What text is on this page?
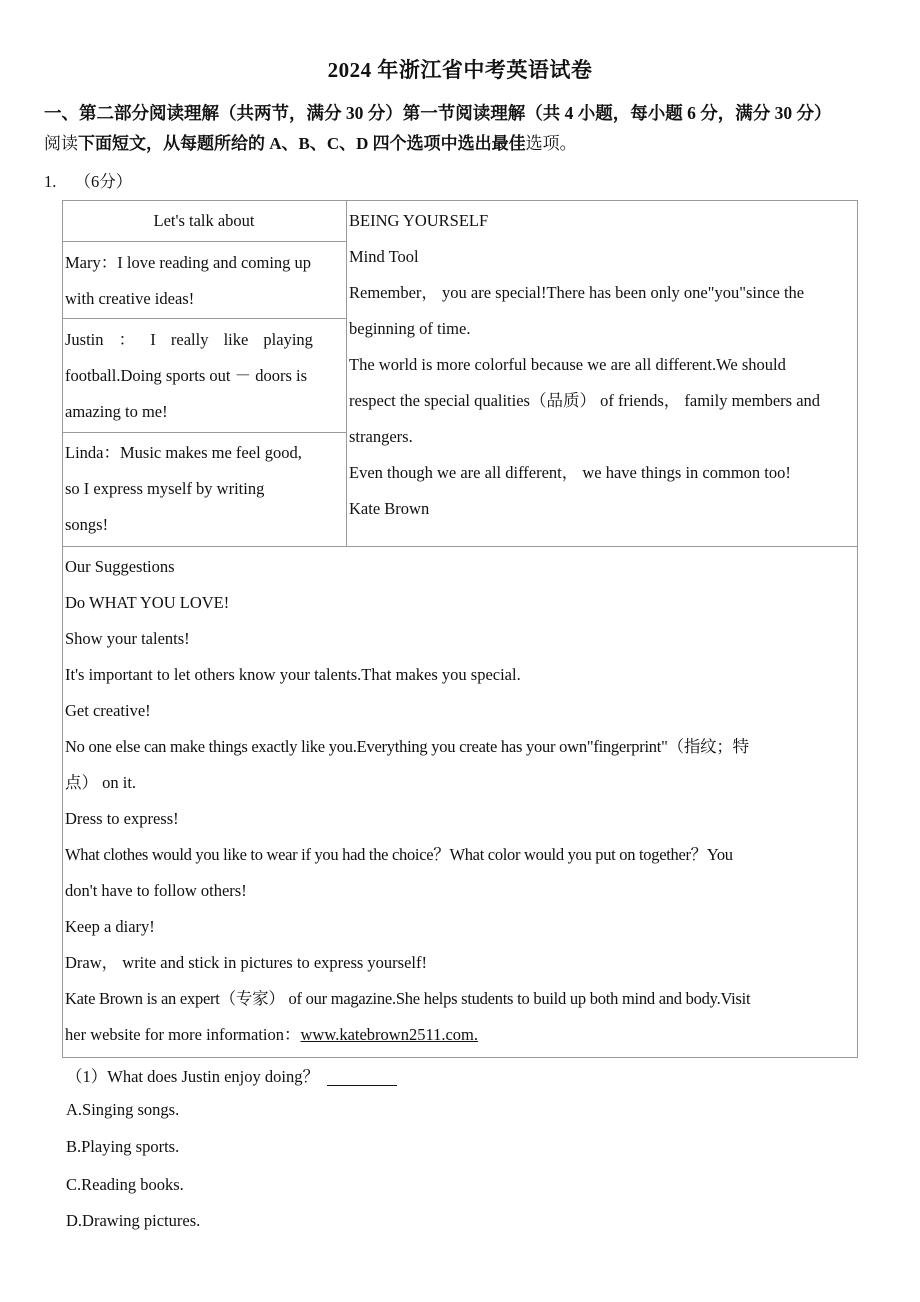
2024 年浙江省中考英语试卷
一、第二部分阅读理解（共两节，满分 30 分）第一节阅读理解（共 4 小题，每小题 6 分，满分 30 分）
阅读下面短文，从每题所给的 A、B、C、D 四个选项中选出最佳选项。
1. （6分）
Let's talk about
Mary：I love reading and coming up
with creative ideas!
Justin ： I really like playing
football.Doing sports out － doors is
amazing to me!
Linda：Music makes me feel good,
so I express myself by writing
songs!
BEING YOURSELF
Mind Tool
Remember， you are special!There has been only one"you"since the
beginning of time.
The world is more colorful because we are all different.We should
respect the special qualities（品质） of friends， family members and
strangers.
Even though we are all different， we have things in common too!
Kate Brown
Our Suggestions
Do WHAT YOU LOVE!
Show your talents!
It's important to let others know your talents.That makes you special.
Get creative!
No one else can make things exactly like you.Everything you create has your own"fingerprint"（指纹；特
点） on it.
Dress to express!
What clothes would you like to wear if you had the choice？What color would you put on together？You
don't have to follow others!
Keep a diary!
Draw， write and stick in pictures to express yourself!
Kate Brown is an expert（专家） of our magazine.She helps students to build up both mind and body.Visit
her website for more information：www.katebrown2511.com.
（1）What does Justin enjoy doing？
A.Singing songs.
B.Playing sports.
C.Reading books.
D.Drawing pictures.
